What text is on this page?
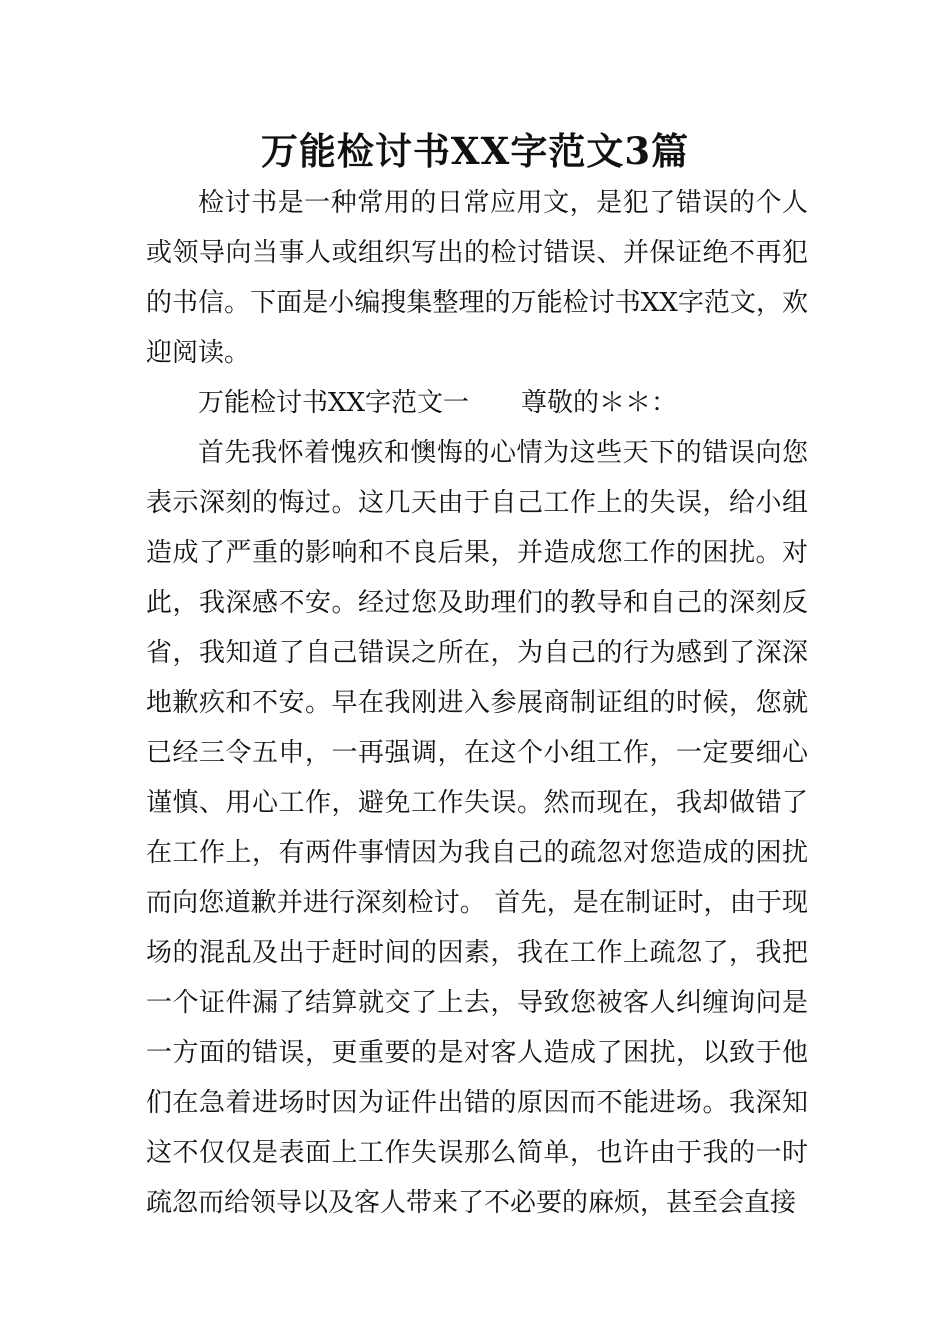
万能检讨书XX字范文3篇

检讨书是一种常用的日常应用文，是犯了错误的个人或领导向当事人或组织写出的检讨错误、并保证绝不再犯的书信。下面是小编搜集整理的万能检讨书XX字范文，欢迎阅读。

万能检讨书XX字范文一　　尊敬的＊＊：

首先我怀着愧疚和懊悔的心情为这些天下的错误向您表示深刻的悔过。这几天由于自己工作上的失误，给小组造成了严重的影响和不良后果，并造成您工作的困扰。对此，我深感不安。经过您及助理们的教导和自己的深刻反省，我知道了自己错误之所在，为自己的行为感到了深深地歉疚和不安。早在我刚进入参展商制证组的时候，您就已经三令五申，一再强调，在这个小组工作，一定要细心谨慎、用心工作，避免工作失误。然而现在，我却做错了在工作上，有两件事情因为我自己的疏忽对您造成的困扰而向您道歉并进行深刻检讨。 首先，是在制证时，由于现场的混乱及出于赶时间的因素，我在工作上疏忽了，我把一个证件漏了结算就交了上去，导致您被客人纠缠询问是一方面的错误，更重要的是对客人造成了困扰，以致于他们在急着进场时因为证件出错的原因而不能进场。我深知这不仅仅是表面上工作失误那么简单，也许由于我的一时疏忽而给领导以及客人带来了不必要的麻烦，甚至会直接
